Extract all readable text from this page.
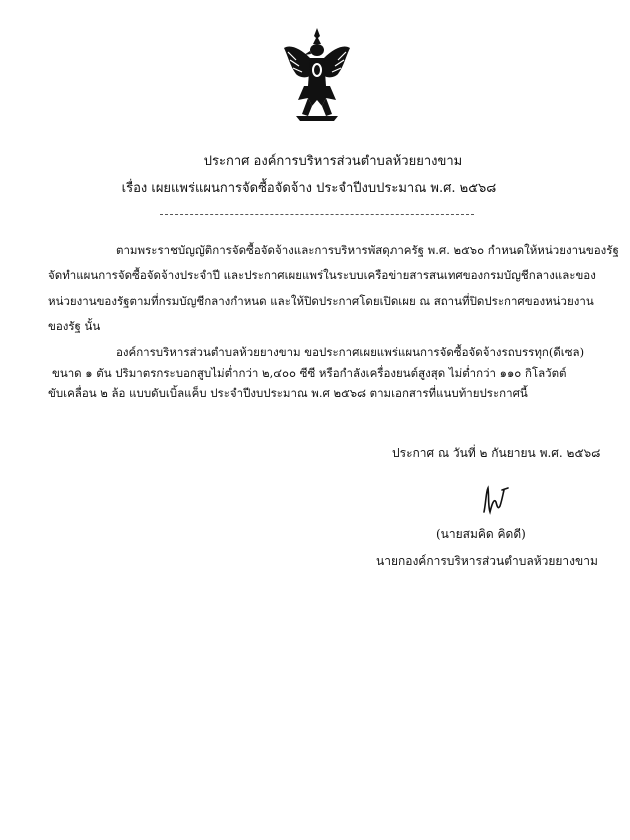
ประกาศ องค์การบริหารส่วนตำบลห้วยยางขาม
เรื่อง เผยแพร่แผนการจัดซื้อจัดจ้าง ประจำปีงบประมาณ พ.ศ. ๒๕๖๘
ตามพระราชบัญญัติการจัดซื้อจัดจ้างและการบริหารพัสดุภาครัฐ พ.ศ. ๒๕๖๐ กำหนดให้หน่วยงานของรัฐ
จัดทำแผนการจัดซื้อจัดจ้างประจำปี และประกาศเผยแพร่ในระบบเครือข่ายสารสนเทศของกรมบัญชีกลางและของ
หน่วยงานของรัฐตามที่กรมบัญชีกลางกำหนด และให้ปิดประกาศโดยเปิดเผย ณ สถานที่ปิดประกาศของหน่วยงาน
ของรัฐ นั้น
องค์การบริหารส่วนตำบลห้วยยางขาม ขอประกาศเผยแพร่แผนการจัดซื้อจัดจ้างรถบรรทุก(ดีเซล)
ขนาด ๑ ตัน ปริมาตรกระบอกสูบไม่ต่ำกว่า ๒,๔๐๐ ซีซี หรือกำลังเครื่องยนต์สูงสุด ไม่ต่ำกว่า ๑๑๐ กิโลวัตต์
ขับเคลื่อน ๒ ล้อ แบบดับเบิ้ลแค็บ ประจำปีงบประมาณ พ.ศ ๒๕๖๘ ตามเอกสารที่แนบท้ายประกาศนี้
ประกาศ ณ วันที่ ๒ กันยายน พ.ศ. ๒๕๖๘
(นายสมคิด คิดดี)
นายกองค์การบริหารส่วนตำบลห้วยยางขาม
